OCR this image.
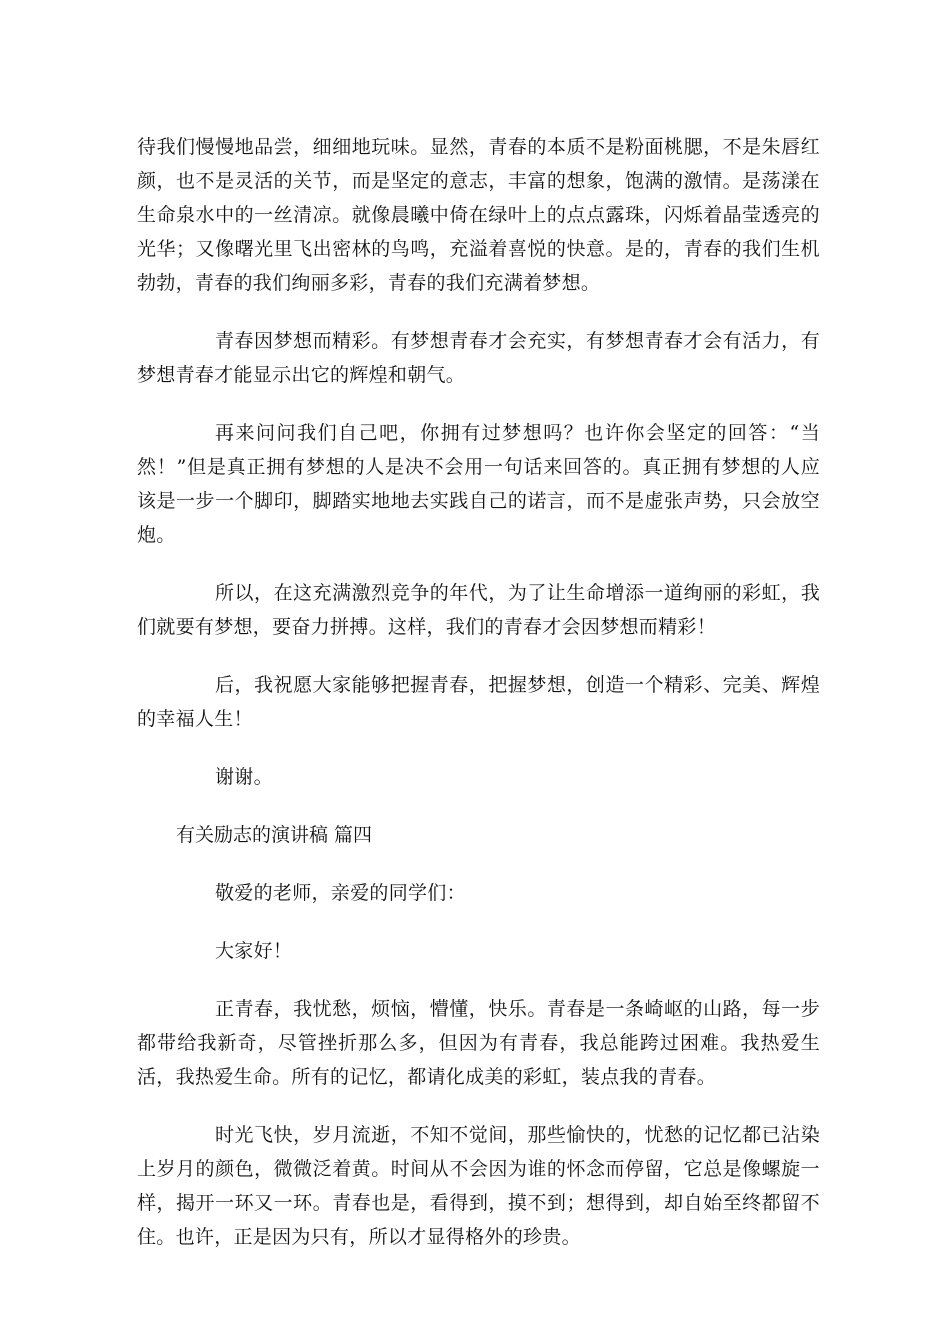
待我们慢慢地品尝，细细地玩味。显然，青春的本质不是粉面桃腮，不是朱唇红颜，也不是灵活的关节，而是坚定的意志，丰富的想象，饱满的激情。是荡漾在生命泉水中的一丝清凉。就像晨曦中倚在绿叶上的点点露珠，闪烁着晶莹透亮的光华；又像曙光里飞出密林的鸟鸣，充溢着喜悦的快意。是的，青春的我们生机勃勃，青春的我们绚丽多彩，青春的我们充满着梦想。

青春因梦想而精彩。有梦想青春才会充实，有梦想青春才会有活力，有梦想青春才能显示出它的辉煌和朝气。

再来问问我们自己吧，你拥有过梦想吗？也许你会坚定的回答：“当然！”但是真正拥有梦想的人是决不会用一句话来回答的。真正拥有梦想的人应该是一步一个脚印，脚踏实地地去实践自己的诺言，而不是虚张声势，只会放空炮。

所以，在这充满激烈竞争的年代，为了让生命增添一道绚丽的彩虹，我们就要有梦想，要奋力拼搏。这样，我们的青春才会因梦想而精彩！

后，我祝愿大家能够把握青春，把握梦想，创造一个精彩、完美、辉煌的幸福人生！

谢谢。

有关励志的演讲稿 篇四

敬爱的老师，亲爱的同学们：

大家好！

正青春，我忧愁，烦恼，懵懂，快乐。青春是一条崎岖的山路，每一步都带给我新奇，尽管挫折那么多，但因为有青春，我总能跨过困难。我热爱生活，我热爱生命。所有的记忆，都请化成美的彩虹，装点我的青春。

时光飞快，岁月流逝，不知不觉间，那些愉快的，忧愁的记忆都已沾染上岁月的颜色，微微泛着黄。时间从不会因为谁的怀念而停留，它总是像螺旋一样，揭开一环又一环。青春也是，看得到，摸不到；想得到，却自始至终都留不住。也许，正是因为只有，所以才显得格外的珍贵。
